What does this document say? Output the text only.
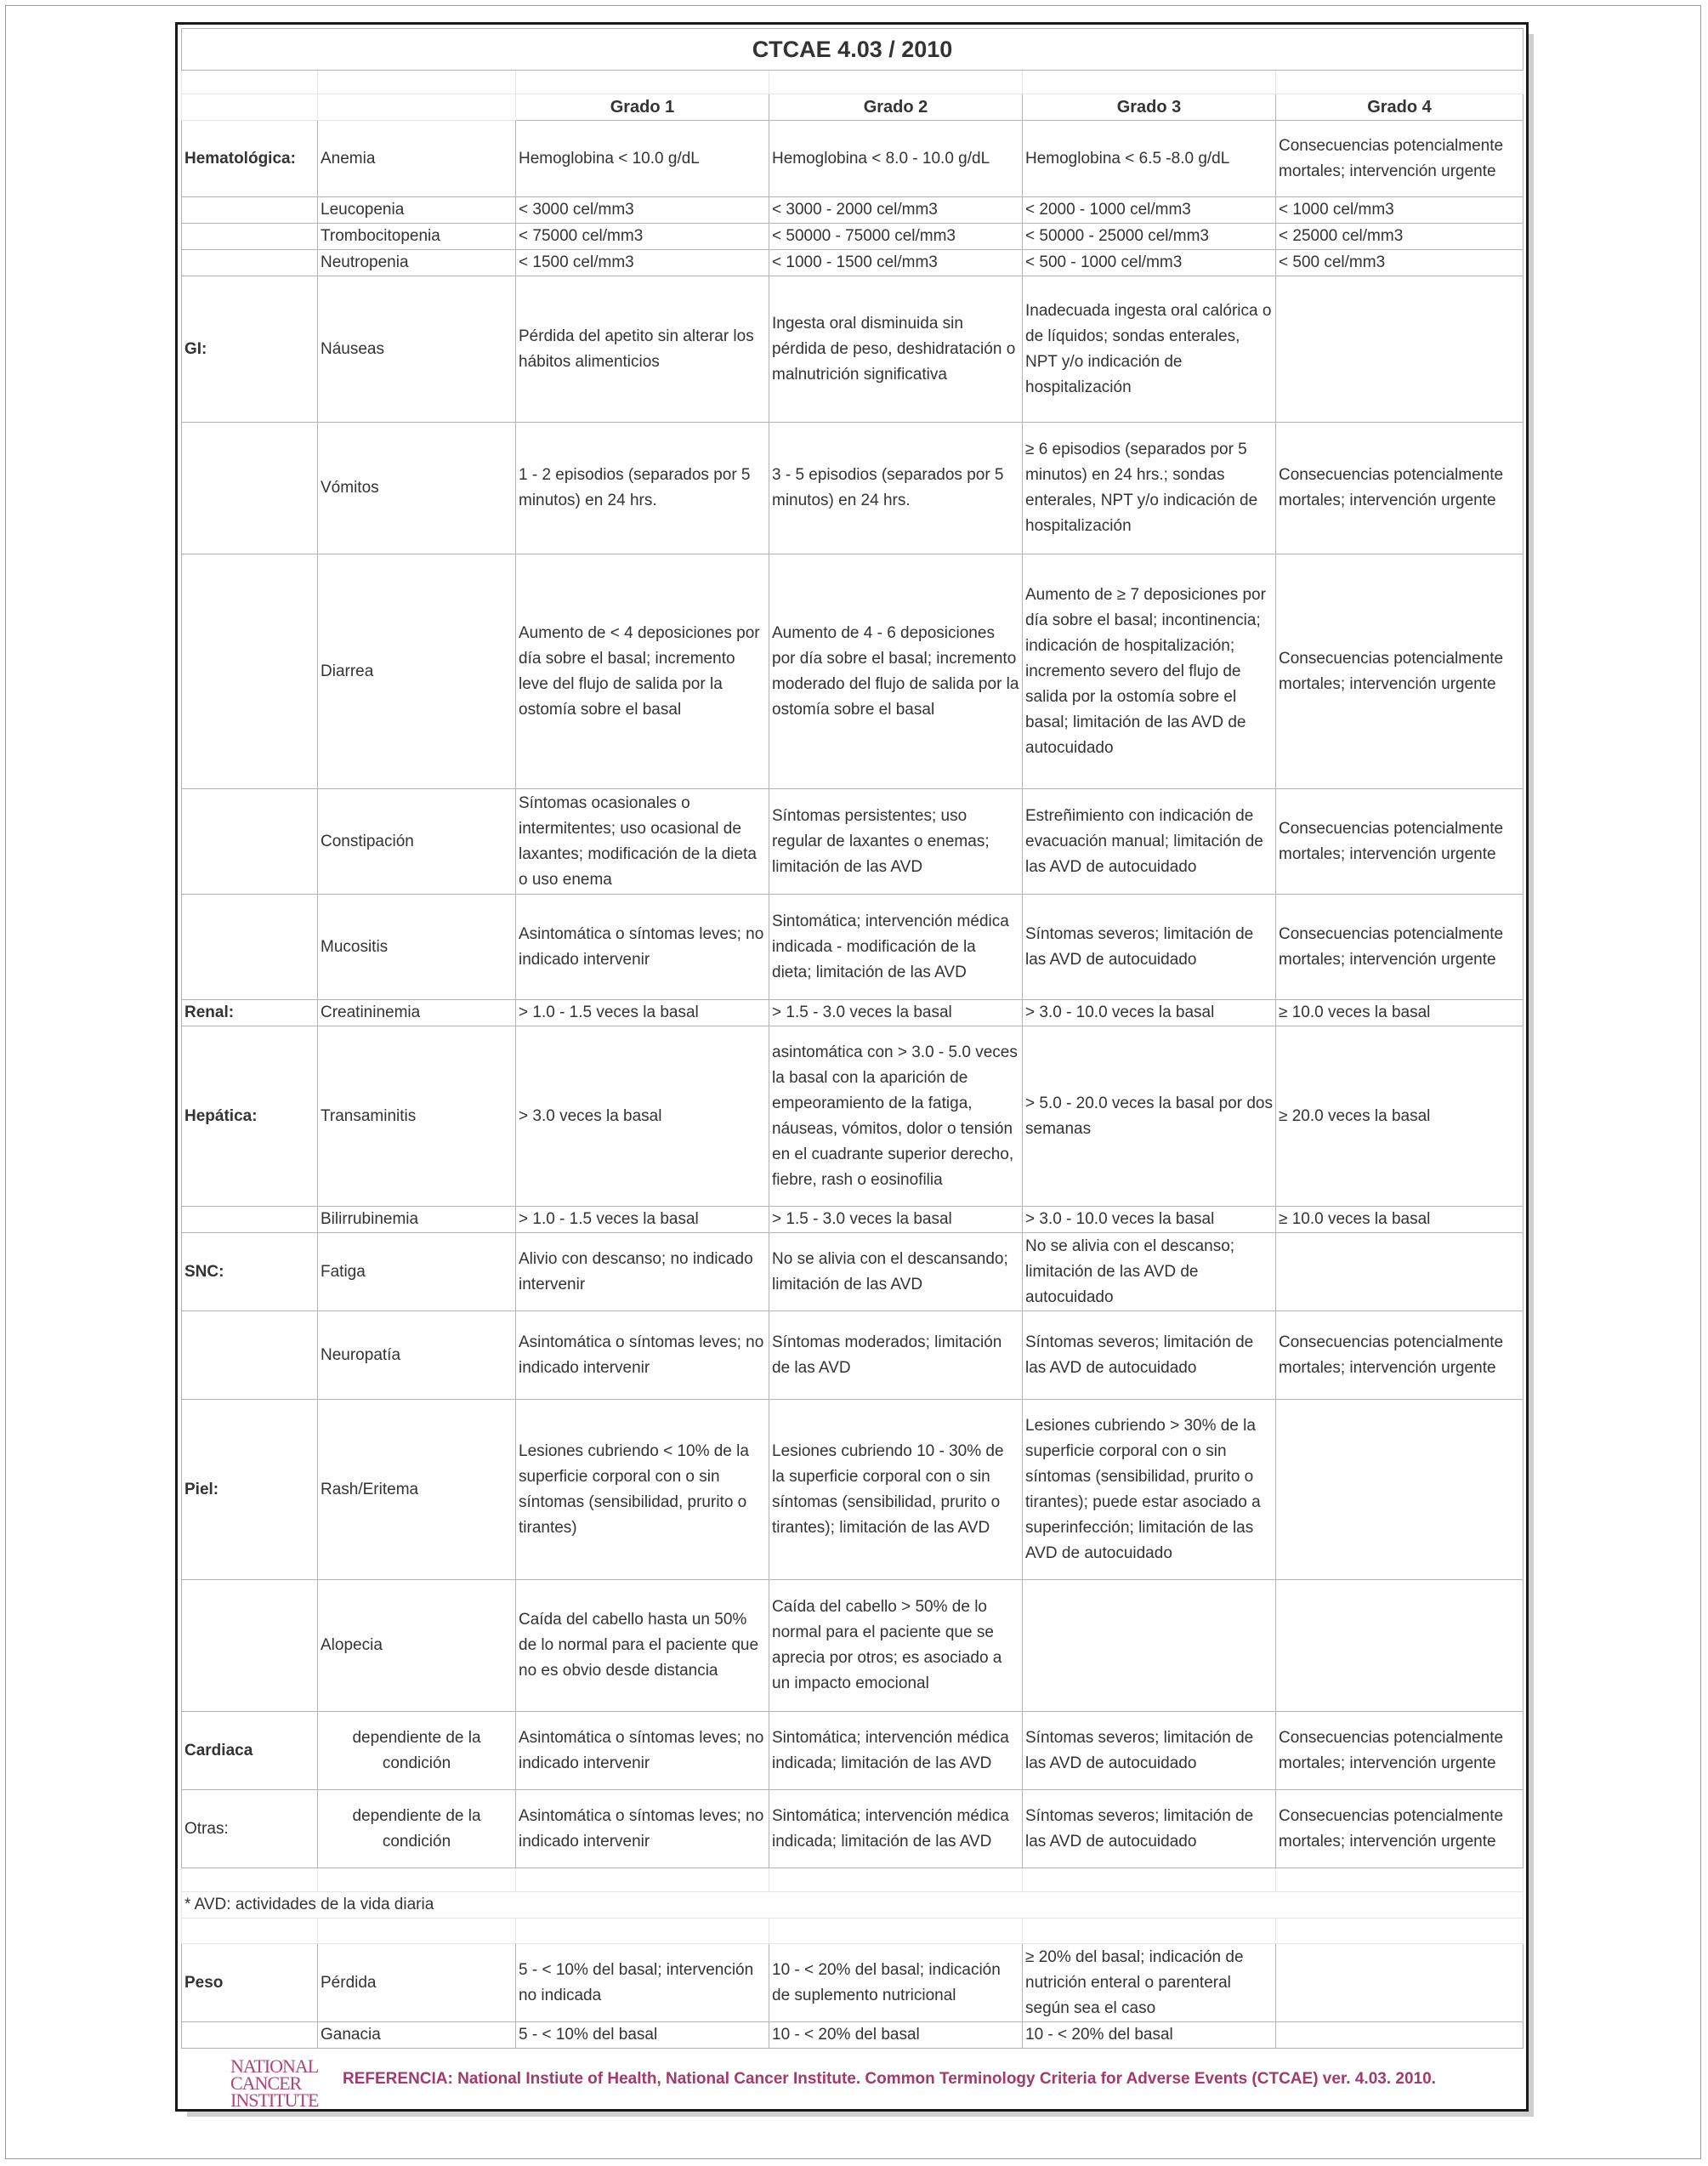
CTCAE 4.03 / 2010					

		Grado 1	Grado 2	Grado 3	Grado 4
Hematológica:	Anemia	Hemoglobina < 10.0 g/dL	Hemoglobina < 8.0 - 10.0 g/dL	Hemoglobina < 6.5 -8.0 g/dL	Consecuencias potencialmente mortales; intervención urgente
	Leucopenia	< 3000 cel/mm3	< 3000 - 2000 cel/mm3	< 2000 - 1000 cel/mm3	< 1000 cel/mm3
	Trombocitopenia	< 75000 cel/mm3	< 50000 - 75000 cel/mm3	< 50000 - 25000 cel/mm3	< 25000 cel/mm3
	Neutropenia	< 1500 cel/mm3	< 1000 - 1500 cel/mm3	< 500 - 1000 cel/mm3	< 500 cel/mm3
GI:	Náuseas	Pérdida del apetito sin alterar los hábitos alimenticios	Ingesta oral disminuida sin pérdida de peso, deshidratación o malnutrición significativa	Inadecuada ingesta oral calórica o de líquidos; sondas enterales, NPT y/o indicación de hospitalización	
	Vómitos	1 - 2 episodios (separados por 5 minutos) en 24 hrs.	3 - 5 episodios (separados por 5 minutos) en 24 hrs.	≥ 6 episodios (separados por 5 minutos) en 24 hrs.; sondas enterales, NPT y/o indicación de hospitalización	Consecuencias potencialmente mortales; intervención urgente
	Diarrea	Aumento de < 4 deposiciones por día sobre el basal; incremento leve del flujo de salida por la ostomía sobre el basal	Aumento de 4 - 6 deposiciones por día sobre el basal; incremento moderado del flujo de salida por la ostomía sobre el basal	Aumento de ≥ 7 deposiciones por día sobre el basal; incontinencia; indicación de hospitalización; incremento severo del flujo de salida por la ostomía sobre el basal; limitación de las AVD de autocuidado	Consecuencias potencialmente mortales; intervención urgente
	Constipación	Síntomas ocasionales o intermitentes; uso ocasional de laxantes; modificación de la dieta o uso enema	Síntomas persistentes; uso regular de laxantes o enemas; limitación de las AVD	Estreñimiento con indicación de evacuación manual; limitación de las AVD de autocuidado	Consecuencias potencialmente mortales; intervención urgente
	Mucositis	Asintomática o síntomas leves; no indicado intervenir	Sintomática; intervención médica indicada - modificación de la dieta; limitación de las AVD	Síntomas severos; limitación de las AVD de autocuidado	Consecuencias potencialmente mortales; intervención urgente
Renal:	Creatininemia	> 1.0 - 1.5 veces la basal	> 1.5 - 3.0 veces la basal	> 3.0 - 10.0 veces la basal	≥ 10.0 veces la basal
Hepática:	Transaminitis	> 3.0 veces la basal	asintomática con > 3.0 - 5.0 veces la basal con la aparición de empeoramiento de la fatiga, náuseas, vómitos, dolor o tensión en el cuadrante superior derecho, fiebre, rash o eosinofilia	> 5.0 - 20.0 veces la basal por dos semanas	≥ 20.0 veces la basal
	Bilirrubinemia	> 1.0 - 1.5 veces la basal	> 1.5 - 3.0 veces la basal	> 3.0 - 10.0 veces la basal	≥ 10.0 veces la basal
SNC:	Fatiga	Alivio con descanso; no indicado intervenir	No se alivia con el descansando; limitación de las AVD	No se alivia con el descanso; limitación de las AVD de autocuidado	
	Neuropatía	Asintomática o síntomas leves; no indicado intervenir	Síntomas moderados; limitación de las AVD	Síntomas severos; limitación de las AVD de autocuidado	Consecuencias potencialmente mortales; intervención urgente
Piel:	Rash/Eritema	Lesiones cubriendo < 10% de la superficie corporal con o sin síntomas (sensibilidad, prurito o tirantes)	Lesiones cubriendo 10 - 30% de la superficie corporal con o sin síntomas (sensibilidad, prurito o tirantes); limitación de las AVD	Lesiones cubriendo > 30% de la superficie corporal con o sin síntomas (sensibilidad, prurito o tirantes); puede estar asociado a superinfección; limitación de las AVD de autocuidado	
	Alopecia	Caída del cabello hasta un 50% de lo normal para el paciente que no es obvio desde distancia	Caída del cabello > 50% de lo normal para el paciente que se aprecia por otros; es asociado a un impacto emocional		
Cardiaca	dependiente de la condición	Asintomática o síntomas leves; no indicado intervenir	Sintomática; intervención médica indicada; limitación de las AVD	Síntomas severos; limitación de las AVD de autocuidado	Consecuencias potencialmente mortales; intervención urgente
Otras:	dependiente de la condición	Asintomática o síntomas leves; no indicado intervenir	Sintomática; intervención médica indicada; limitación de las AVD	Síntomas severos; limitación de las AVD de autocuidado	Consecuencias potencialmente mortales; intervención urgente

* AVD: actividades de la vida diaria					

Peso	Pérdida	5 - < 10% del basal; intervención no indicada	10 - < 20% del basal; indicación de suplemento nutricional	≥ 20% del basal; indicación de nutrición enteral o parenteral según sea el caso	
	Ganacia	5 - < 10% del basal	10 - < 20% del basal	10 - < 20% del basal	
NATIONAL
CANCER
INSTITUTE
REFERENCIA: National Instiute of Health, National Cancer Institute. Common Terminology Criteria for Adverse Events (CTCAE) ver. 4.03. 2010.
